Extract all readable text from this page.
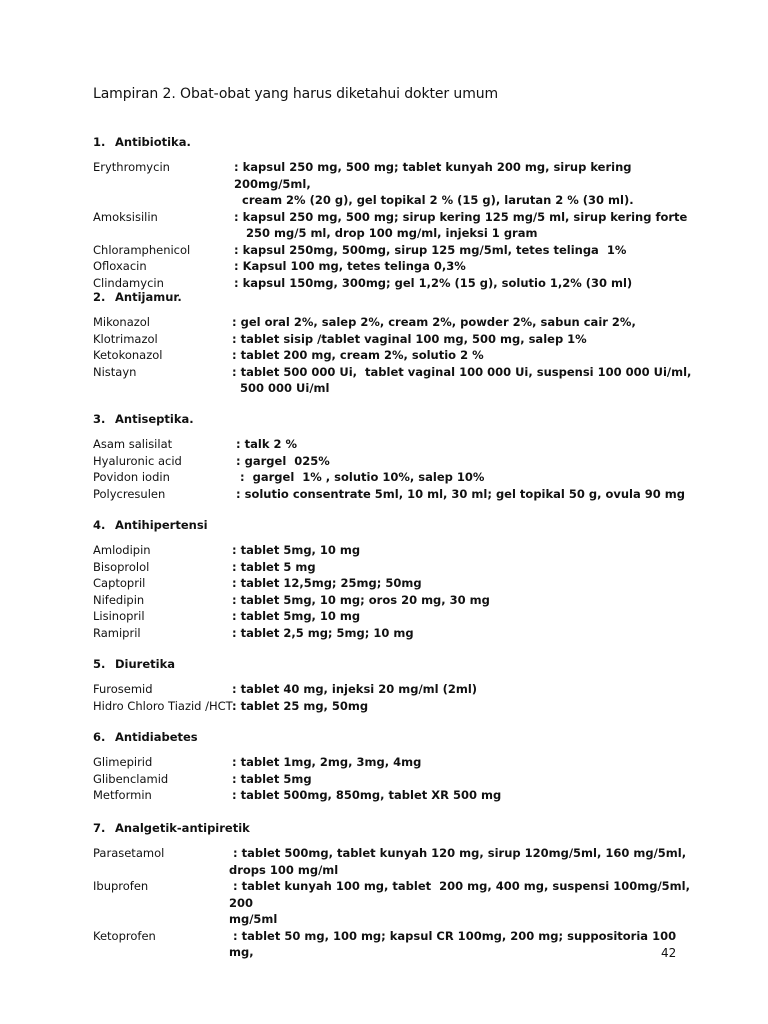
Lampiran 2. Obat-obat yang harus diketahui dokter umum
1. Antibiotika.
Erythromycin	: kapsul 250 mg, 500 mg; tablet kunyah 200 mg, sirup kering 200mg/5ml,
cream 2% (20 g), gel topikal 2 % (15 g), larutan 2 % (30 ml).
Amoksisilin	: kapsul 250 mg, 500 mg; sirup kering 125 mg/5 ml, sirup kering forte
250 mg/5 ml, drop 100 mg/ml, injeksi 1 gram
Chloramphenicol	: kapsul 250mg, 500mg, sirup 125 mg/5ml, tetes telinga  1%
Ofloxacin	: Kapsul 100 mg, tetes telinga 0,3%
Clindamycin	: kapsul 150mg, 300mg; gel 1,2% (15 g), solutio 1,2% (30 ml)
2. Antijamur.
Mikonazol	: gel oral 2%, salep 2%, cream 2%, powder 2%, sabun cair 2%,
Klotrimazol	: tablet sisip /tablet vaginal 100 mg, 500 mg, salep 1%
Ketokonazol	: tablet 200 mg, cream 2%, solutio 2 %
Nistayn	: tablet 500 000 Ui,  tablet vaginal 100 000 Ui, suspensi 100 000 Ui/ml,
500 000 Ui/ml
3. Antiseptika.
Asam salisilat	: talk 2 %
Hyaluronic acid	: gargel  025%
Povidon iodin	:  gargel  1% , solutio 10%, salep 10%
Polycresulen	: solutio consentrate 5ml, 10 ml, 30 ml; gel topikal 50 g, ovula 90 mg
4. Antihipertensi
Amlodipin	: tablet 5mg, 10 mg
Bisoprolol	: tablet 5 mg
Captopril	: tablet 12,5mg; 25mg; 50mg
Nifedipin	: tablet 5mg, 10 mg; oros 20 mg, 30 mg
Lisinopril	: tablet 5mg, 10 mg
Ramipril	: tablet 2,5 mg; 5mg; 10 mg
5. Diuretika
Furosemid	: tablet 40 mg, injeksi 20 mg/ml (2ml)
Hidro Chloro Tiazid /HCT : tablet 25 mg, 50mg
6. Antidiabetes
Glimepirid	: tablet 1mg, 2mg, 3mg, 4mg
Glibenclamid	: tablet 5mg
Metformin	: tablet 500mg, 850mg, tablet XR 500 mg
7. Analgetik-antipiretik
Parasetamol	: tablet 500mg, tablet kunyah 120 mg, sirup 120mg/5ml, 160 mg/5ml,
drops 100 mg/ml
Ibuprofen	: tablet kunyah 100 mg, tablet  200 mg, 400 mg, suspensi 100mg/5ml, 200
mg/5ml
Ketoprofen	: tablet 50 mg, 100 mg; kapsul CR 100mg, 200 mg; suppositoria 100 mg,	42
